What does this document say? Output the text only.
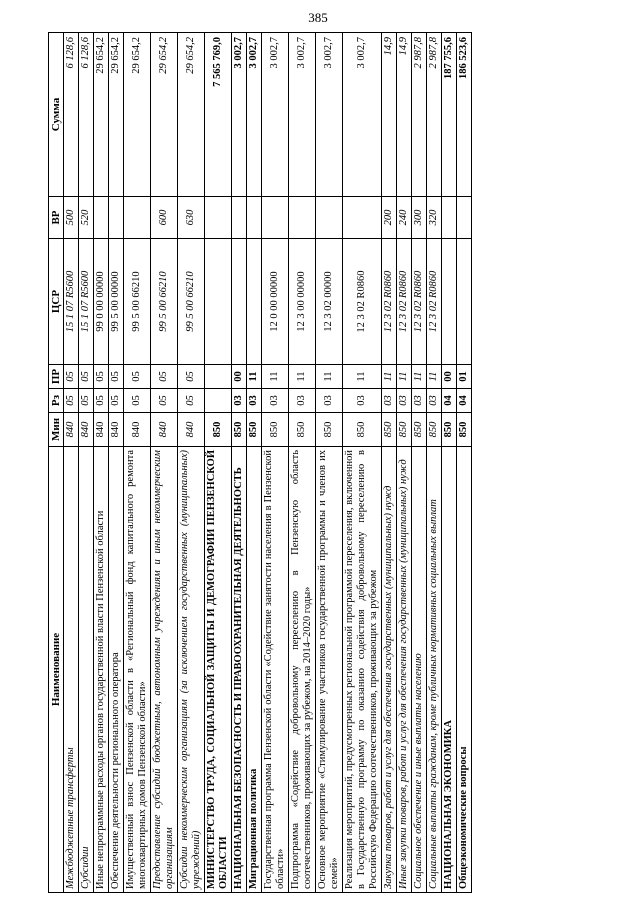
385
Наименование	Мин	Рз	ПР	ЦСР	ВР	Сумма
Межбюджетные трансферты	840	05	05	15 1 07 R5600	500	6 128,6
Субсидии	840	05	05	15 1 07 R5600	520	6 128,6
Иные непрограммные расходы органов государственной власти Пензенской области	840	05	05	99 0 00 00000		29 654,2
Обеспечение деятельности регионального оператора	840	05	05	99 5 00 00000		29 654,2
Имущественный взнос Пензенской области в «Региональный фонд капитального ремонта многоквартирных домов Пензенской области»	840	05	05	99 5 00 66210		29 654,2
Предоставление субсидий бюджетным, автономным учреждениям и иным некоммерческим организациям	840	05	05	99 5 00 66210	600	29 654,2
Субсидии некоммерческим организациям (за исключением государственных (муниципальных) учреждений)	840	05	05	99 5 00 66210	630	29 654,2
МИНИСТЕРСТВО ТРУДА, СОЦИАЛЬНОЙ ЗАЩИТЫ И ДЕМОГРАФИИ ПЕНЗЕНСКОЙ ОБЛАСТИ	850					7 565 769,0
НАЦИОНАЛЬНАЯ БЕЗОПАСНОСТЬ И ПРАВООХРАНИТЕЛЬНАЯ ДЕЯТЕЛЬНОСТЬ	850	03	00			3 002,7
Миграционная политика	850	03	11			3 002,7
Государственная программа Пензенской области «Содействие занятости населения в Пензенской области»	850	03	11	12 0 00 00000		3 002,7
Подпрограмма «Содействие добровольному переселению в Пензенскую область соотечественников, проживающих за рубежом, на 2014–2020 годы»	850	03	11	12 3 00 00000		3 002,7
Основное мероприятие «Стимулирование участников государственной программы и членов их семей»	850	03	11	12 3 02 00000		3 002,7
Реализация мероприятий, предусмотренных региональной программой переселения, включенной в Государственную программу по оказанию содействия добровольному переселению в Российскую Федерацию соотечественников, проживающих за рубежом	850	03	11	12 3 02 R0860		3 002,7
Закупка товаров, работ и услуг для обеспечения государственных (муниципальных) нужд	850	03	11	12 3 02 R0860	200	14,9
Иные закупки товаров, работ и услуг для обеспечения государственных (муниципальных) нужд	850	03	11	12 3 02 R0860	240	14,9
Социальное обеспечение и иные выплаты населению	850	03	11	12 3 02 R0860	300	2 987,8
Социальные выплаты гражданам, кроме публичных нормативных социальных выплат	850	03	11	12 3 02 R0860	320	2 987,8
НАЦИОНАЛЬНАЯ ЭКОНОМИКА	850	04	00			187 755,6
Общеэкономические вопросы	850	04	01			186 523,6
